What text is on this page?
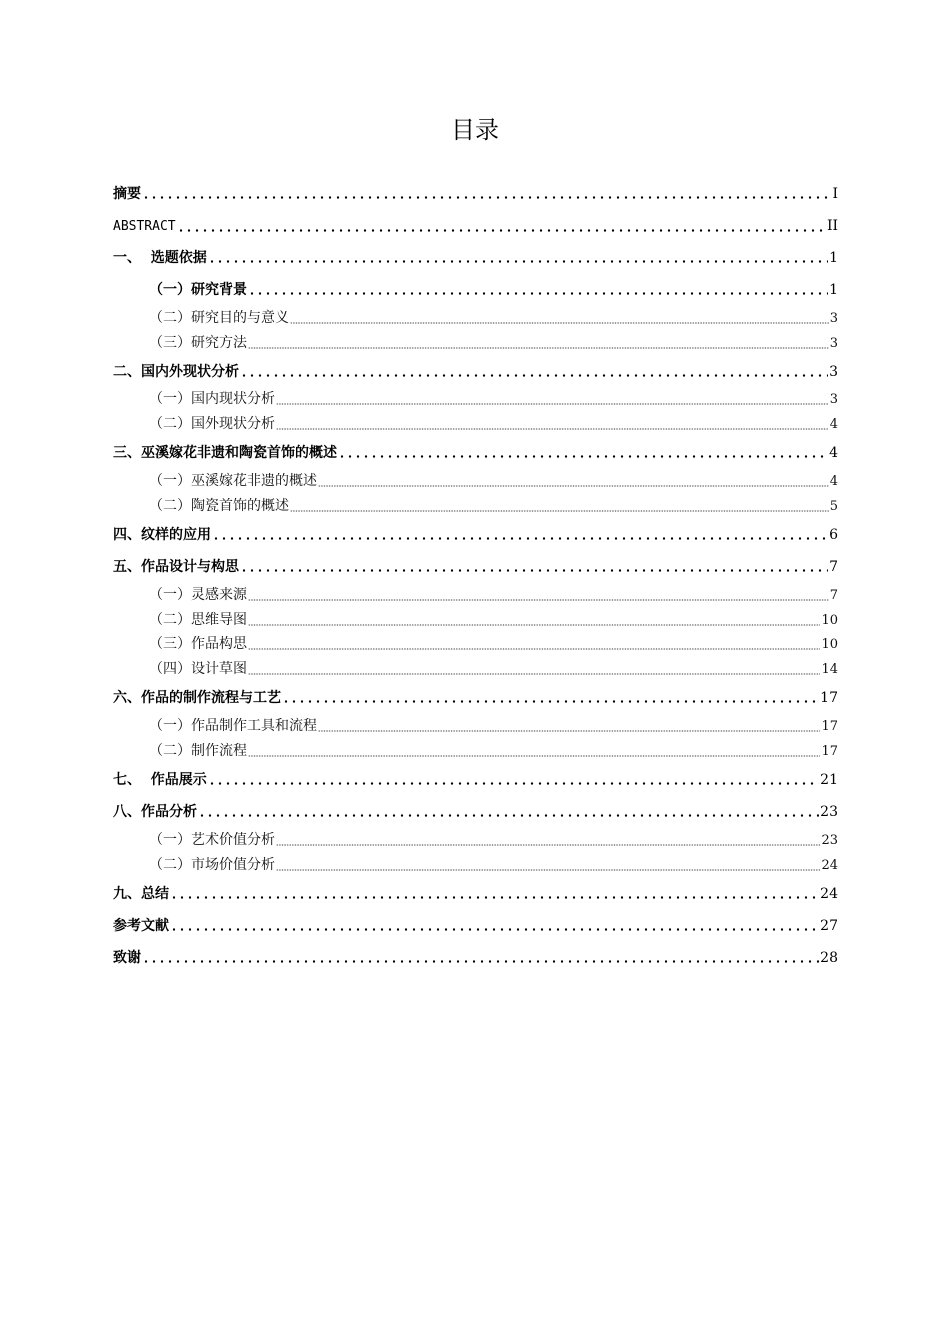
目录
摘要	I
ABSTRACT	II
一、  选题依据	1
（一）研究背景	1
（二）研究目的与意义	3
（三）研究方法	3
二、国内外现状分析	3
（一）国内现状分析	3
（二）国外现状分析	4
三、巫溪嫁花非遗和陶瓷首饰的概述	4
（一）巫溪嫁花非遗的概述	4
（二）陶瓷首饰的概述	5
四、纹样的应用	6
五、作品设计与构思	7
（一）灵感来源	7
（二）思维导图	10
（三）作品构思	10
（四）设计草图	14
六、作品的制作流程与工艺	17
（一）作品制作工具和流程	17
（二）制作流程	17
七、  作品展示	21
八、作品分析	23
（一）艺术价值分析	23
（二）市场价值分析	24
九、总结	24
参考文献	27
致谢	28
